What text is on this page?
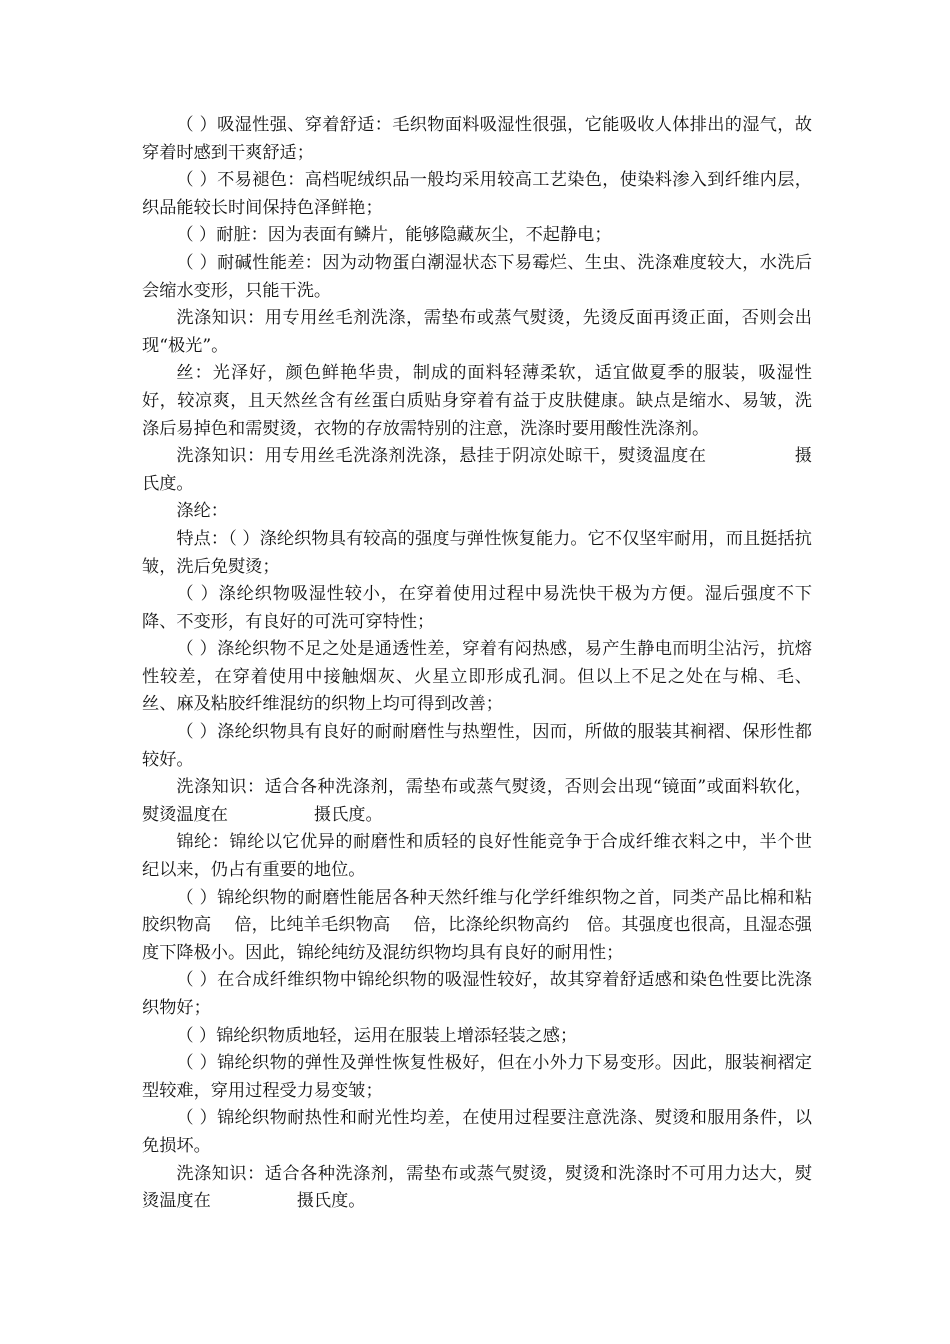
（ ）吸湿性强、穿着舒适：毛织物面料吸湿性很强，它能吸收人体排出的湿气，故穿着时感到干爽舒适；

（ ）不易褪色：高档呢绒织品一般均采用较高工艺染色，使染料渗入到纤维内层，织品能较长时间保持色泽鲜艳；

（ ）耐脏：因为表面有鳞片，能够隐藏灰尘，不起静电；

（ ）耐碱性能差：因为动物蛋白潮湿状态下易霉烂、生虫、洗涤难度较大，水洗后会缩水变形，只能干洗。

洗涤知识：用专用丝毛剂洗涤，需垫布或蒸气熨烫，先烫反面再烫正面，否则会出现“极光”。

丝：光泽好，颜色鲜艳华贵，制成的面料轻薄柔软，适宜做夏季的服装，吸湿性好，较凉爽，且天然丝含有丝蛋白质贴身穿着有益于皮肤健康。缺点是缩水、易皱，洗涤后易掉色和需熨烫，衣物的存放需特别的注意，洗涤时要用酸性洗涤剂。

洗涤知识：用专用丝毛洗涤剂洗涤，悬挂于阴凉处晾干，熨烫温度在　　　　　摄氏度。

涤纶：

特点：（ ）涤纶织物具有较高的强度与弹性恢复能力。它不仅坚牢耐用，而且挺括抗皱，洗后免熨烫；

（ ）涤纶织物吸湿性较小，在穿着使用过程中易洗快干极为方便。湿后强度不下降、不变形，有良好的可洗可穿特性；

（ ）涤纶织物不足之处是通透性差，穿着有闷热感，易产生静电而明尘沾污，抗熔性较差，在穿着使用中接触烟灰、火星立即形成孔洞。但以上不足之处在与棉、毛、丝、麻及粘胶纤维混纺的织物上均可得到改善；

（ ）涤纶织物具有良好的耐耐磨性与热塑性，因而，所做的服装其裥褶、保形性都较好。

洗涤知识：适合各种洗涤剂，需垫布或蒸气熨烫，否则会出现“镜面”或面料软化，熨烫温度在　　　　　摄氏度。

锦纶：锦纶以它优异的耐磨性和质轻的良好性能竞争于合成纤维衣料之中，半个世纪以来，仍占有重要的地位。

（ ）锦纶织物的耐磨性能居各种天然纤维与化学纤维织物之首，同类产品比棉和粘胶织物高　 倍，比纯羊毛织物高　 倍，比涤纶织物高约　倍。其强度也很高，且湿态强度下降极小。因此，锦纶纯纺及混纺织物均具有良好的耐用性；

（ ）在合成纤维织物中锦纶织物的吸湿性较好，故其穿着舒适感和染色性要比洗涤织物好；

（ ）锦纶织物质地轻，运用在服装上增添轻装之感；

（ ）锦纶织物的弹性及弹性恢复性极好，但在小外力下易变形。因此，服装裥褶定型较难，穿用过程受力易变皱；

（ ）锦纶织物耐热性和耐光性均差，在使用过程要注意洗涤、熨烫和服用条件，以免损坏。

洗涤知识：适合各种洗涤剂，需垫布或蒸气熨烫，熨烫和洗涤时不可用力达大，熨烫温度在　　　　　摄氏度。
